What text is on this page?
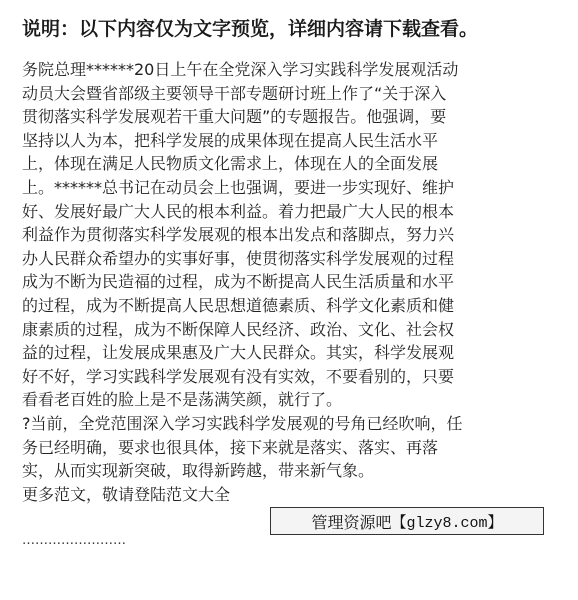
说明：以下内容仅为文字预览，详细内容请下载查看。
务院总理******20日上午在全党深入学习实践科学发展观活动
动员大会暨省部级主要领导干部专题研讨班上作了“关于深入
贯彻落实科学发展观若干重大问题”的专题报告。他强调，要
坚持以人为本，把科学发展的成果体现在提高人民生活水平
上，体现在满足人民物质文化需求上，体现在人的全面发展
上。******总书记在动员会上也强调，要进一步实现好、维护
好、发展好最广大人民的根本利益。着力把最广大人民的根本
利益作为贯彻落实科学发展观的根本出发点和落脚点，努力兴
办人民群众希望办的实事好事，使贯彻落实科学发展观的过程
成为不断为民造福的过程，成为不断提高人民生活质量和水平
的过程，成为不断提高人民思想道德素质、科学文化素质和健
康素质的过程，成为不断保障人民经济、政治、文化、社会权
益的过程，让发展成果惠及广大人民群众。其实，科学发展观
好不好，学习实践科学发展观有没有实效，不要看别的，只要
看看老百姓的脸上是不是荡满笑颜，就行了。
?当前，全党范围深入学习实践科学发展观的号角已经吹响，任
务已经明确，要求也很具体，接下来就是落实、落实、再落
实，从而实现新突破，取得新跨越，带来新气象。
更多范文，敬请登陆范文大全
管理资源吧 【glzy8.com】
……………………
